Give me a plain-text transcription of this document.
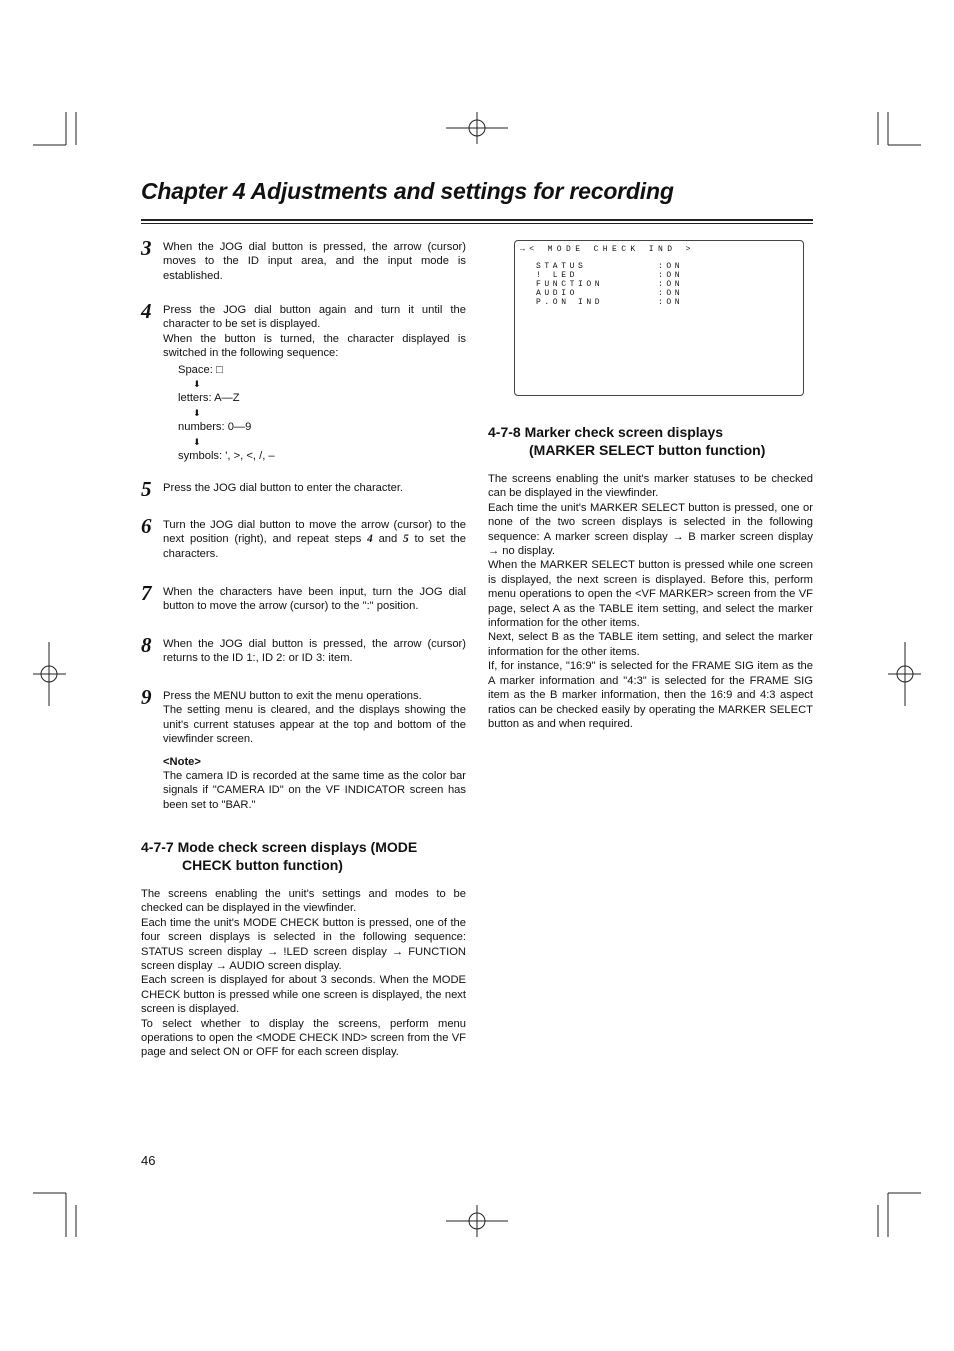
Chapter 4 Adjustments and settings for recording
3	When the JOG dial button is pressed, the arrow (cursor) moves to the ID input area, and the input mode is established.

4	Press the JOG dial button again and turn it until the character to be set is displayed.

When the button is turned, the character displayed is switched in the following sequence:

Space: □
⬇
letters: A—Z
⬇
numbers: 0—9
⬇
symbols: ', >, <, /, –
5	Press the JOG dial button to enter the character.

6	Turn the JOG dial button to move the arrow (cursor) to the next position (right), and repeat steps 4 and 5 to set the characters.

7	When the characters have been input, turn the JOG dial button to move the arrow (cursor) to the ":" position.

8	When the JOG dial button is pressed, the arrow (cursor) returns to the ID 1:, ID 2: or ID 3: item.

9	Press the MENU button to exit the menu operations.

The setting menu is cleared, and the displays showing the unit's current statuses appear at the top and bottom of the viewfinder screen.

<Note>

The camera ID is recorded at the same time as the color bar signals if "CAMERA ID" on the VF INDICATOR screen has been set to "BAR."

4-7-7 Mode check screen displays (MODE
CHECK button function)

The screens enabling the unit's settings and modes to be checked can be displayed in the viewfinder.

Each time the unit's MODE CHECK button is pressed, one of the four screen displays is selected in the following sequence: STATUS screen display → !LED screen display → FUNCTION screen display → AUDIO screen display.

Each screen is displayed for about 3 seconds. When the MODE CHECK button is pressed while one screen is displayed, the next screen is displayed.

To select whether to display the screens, perform menu operations to open the <MODE CHECK IND> screen from the VF page and select ON or OFF for each screen display.

→< MODE CHECK IND >
STATUS	:ON
! LED	:ON
FUNCTION	:ON
AUDIO	:ON
P.ON IND	:ON
4-7-8 Marker check screen displays
(MARKER SELECT button function)

The screens enabling the unit's marker statuses to be checked can be displayed in the viewfinder.

Each time the unit's MARKER SELECT button is pressed, one or none of the two screen displays is selected in the following sequence: A marker screen display → B marker screen display → no display.

When the MARKER SELECT button is pressed while one screen is displayed, the next screen is displayed. Before this, perform menu operations to open the <VF MARKER> screen from the VF page, select A as the TABLE item setting, and select the marker information for the other items.

Next, select B as the TABLE item setting, and select the marker information for the other items.

If, for instance, "16:9" is selected for the FRAME SIG item as the A marker information and "4:3" is selected for the FRAME SIG item as the B marker information, then the 16:9 and 4:3 aspect ratios can be checked easily by operating the MARKER SELECT button as and when required.

46
